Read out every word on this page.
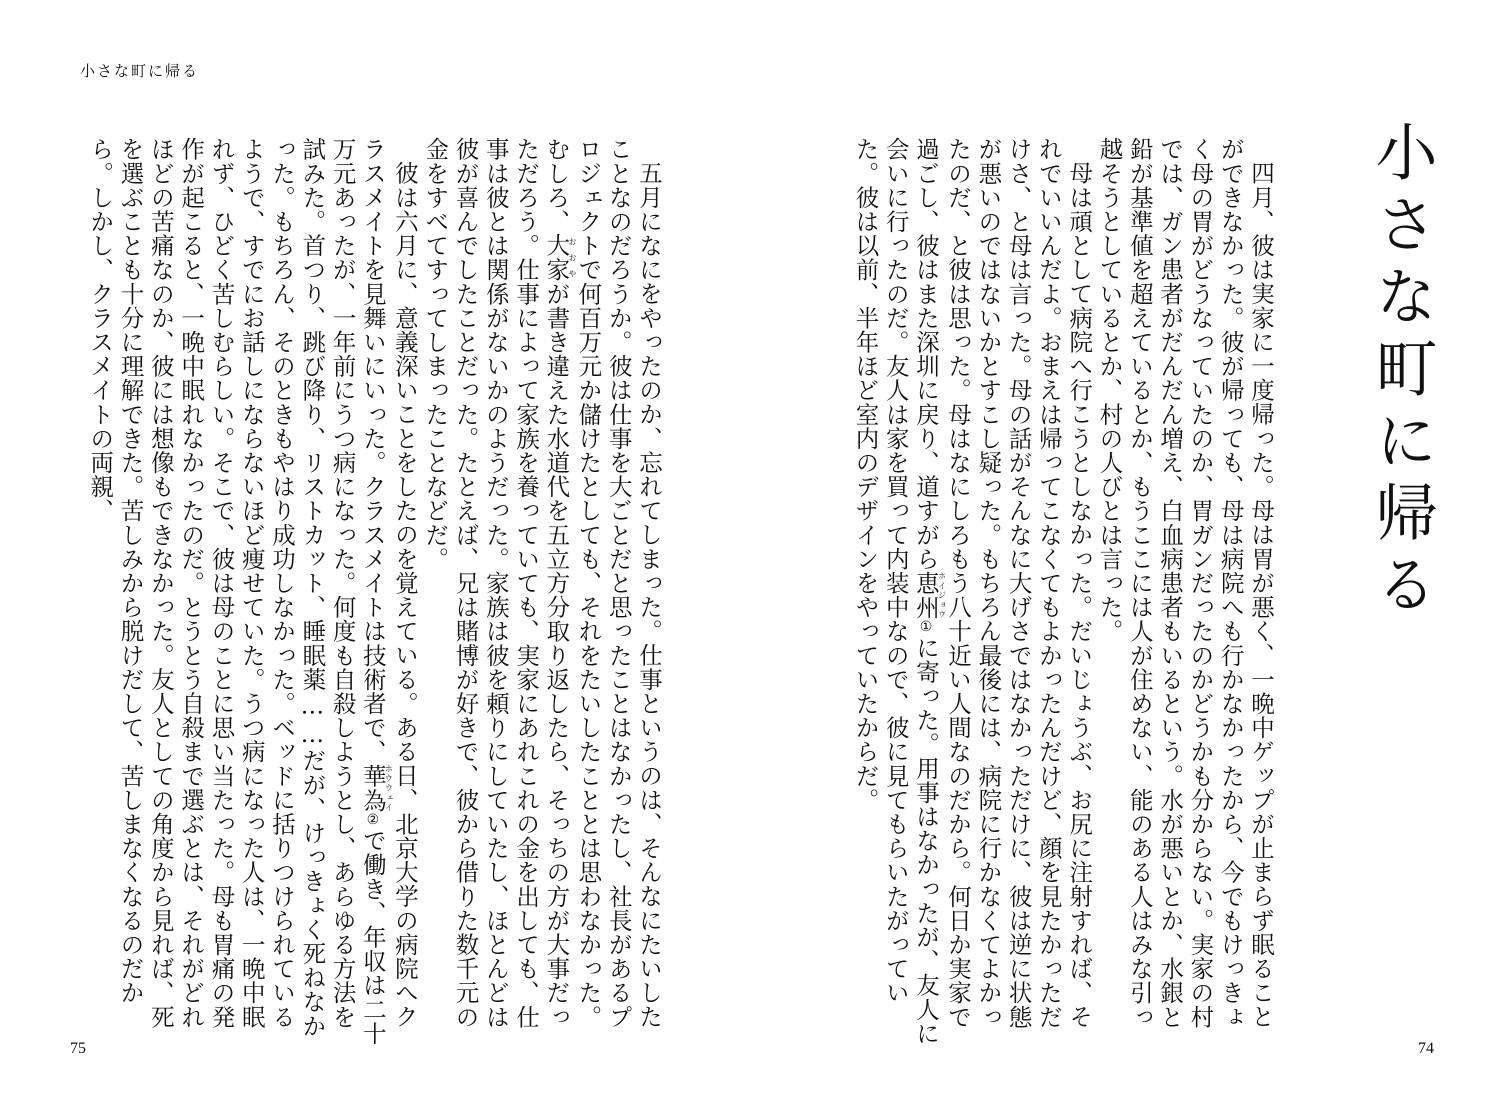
小さな町に帰る

五月になにをやったのか、忘れてしまった。仕事というのは、そんなにたいしたことなのだろうか。彼は仕事を大ごとだと思ったことはなかったし、社長があるプロジェクトで何百万元か儲けたとしても、それをたいしたこととは思わなかった。むしろ、大家おおやが書き違えた水道代を五立方分取り返したら、そっちの方が大事だっただろう。仕事によって家族を養っていても、実家にあれこれの金を出しても、仕事は彼とは関係がないかのようだった。家族は彼を頼りにしていたし、ほとんどは彼が喜んでしたことだった。たとえば、兄は賭博が好きで、彼から借りた数千元の金をすべてすってしまったことなどだ。

彼は六月に、意義深いことをしたのを覚えている。ある日、北京大学の病院へクラスメイトを見舞いにいった。クラスメイトは技術者で、華為ホウウェイ②で働き、年収は二十万元あったが、一年前にうつ病になった。何度も自殺しようとし、あらゆる方法を試みた。首つり、跳び降り、リストカット、睡眠薬……だが、けっきょく死ねなかった。もちろん、そのときもやはり成功しなかった。ベッドに括りつけられているようで、すでにお話しにならないほど痩せていた。うつ病になった人は、一晩中眠れず、ひどく苦しむらしい。そこで、彼は母のことに思い当たった。母も胃痛の発作が起こると、一晩中眠れなかったのだ。とうとう自殺まで選ぶとは、それがどれほどの苦痛なのか、彼には想像もできなかった。友人としての角度から見れば、死を選ぶことも十分に理解できた。苦しみから脱けだして、苦しまなくなるのだから。しかし、クラスメイトの両親、

75
小さな町に帰る

四月、彼は実家に一度帰った。母は胃が悪く、一晩中ゲップが止まらず眠ることができなかった。彼が帰っても、母は病院へも行かなかったから、今でもけっきょく母の胃がどうなっていたのか、胃ガンだったのかどうかも分からない。実家の村では、ガン患者がだんだん増え、白血病患者もいるという。水が悪いとか、水銀と鉛が基準値を超えているとか、もうここには人が住めない、能のある人はみな引っ越そうとしているとか、村の人びとは言った。

母は頑として病院へ行こうとしなかった。だいじょうぶ、お尻に注射すれば、それでいいんだよ。おまえは帰ってこなくてもよかったんだけど、顔を見たかっただけさ、と母は言った。母の話がそんなに大げさではなかっただけに、彼は逆に状態が悪いのではないかとすこし疑った。もちろん最後には、病院に行かなくてよかったのだ、と彼は思った。母はなにしろもう八十近い人間なのだから。何日か実家で過ごし、彼はまた深圳に戻り、道すがら恵州ホイジョウ①に寄った。用事はなかったが、友人に会いに行ったのだ。友人は家を買って内装中なので、彼に見てもらいたがっていた。彼は以前、半年ほど室内のデザインをやっていたからだ。

74
